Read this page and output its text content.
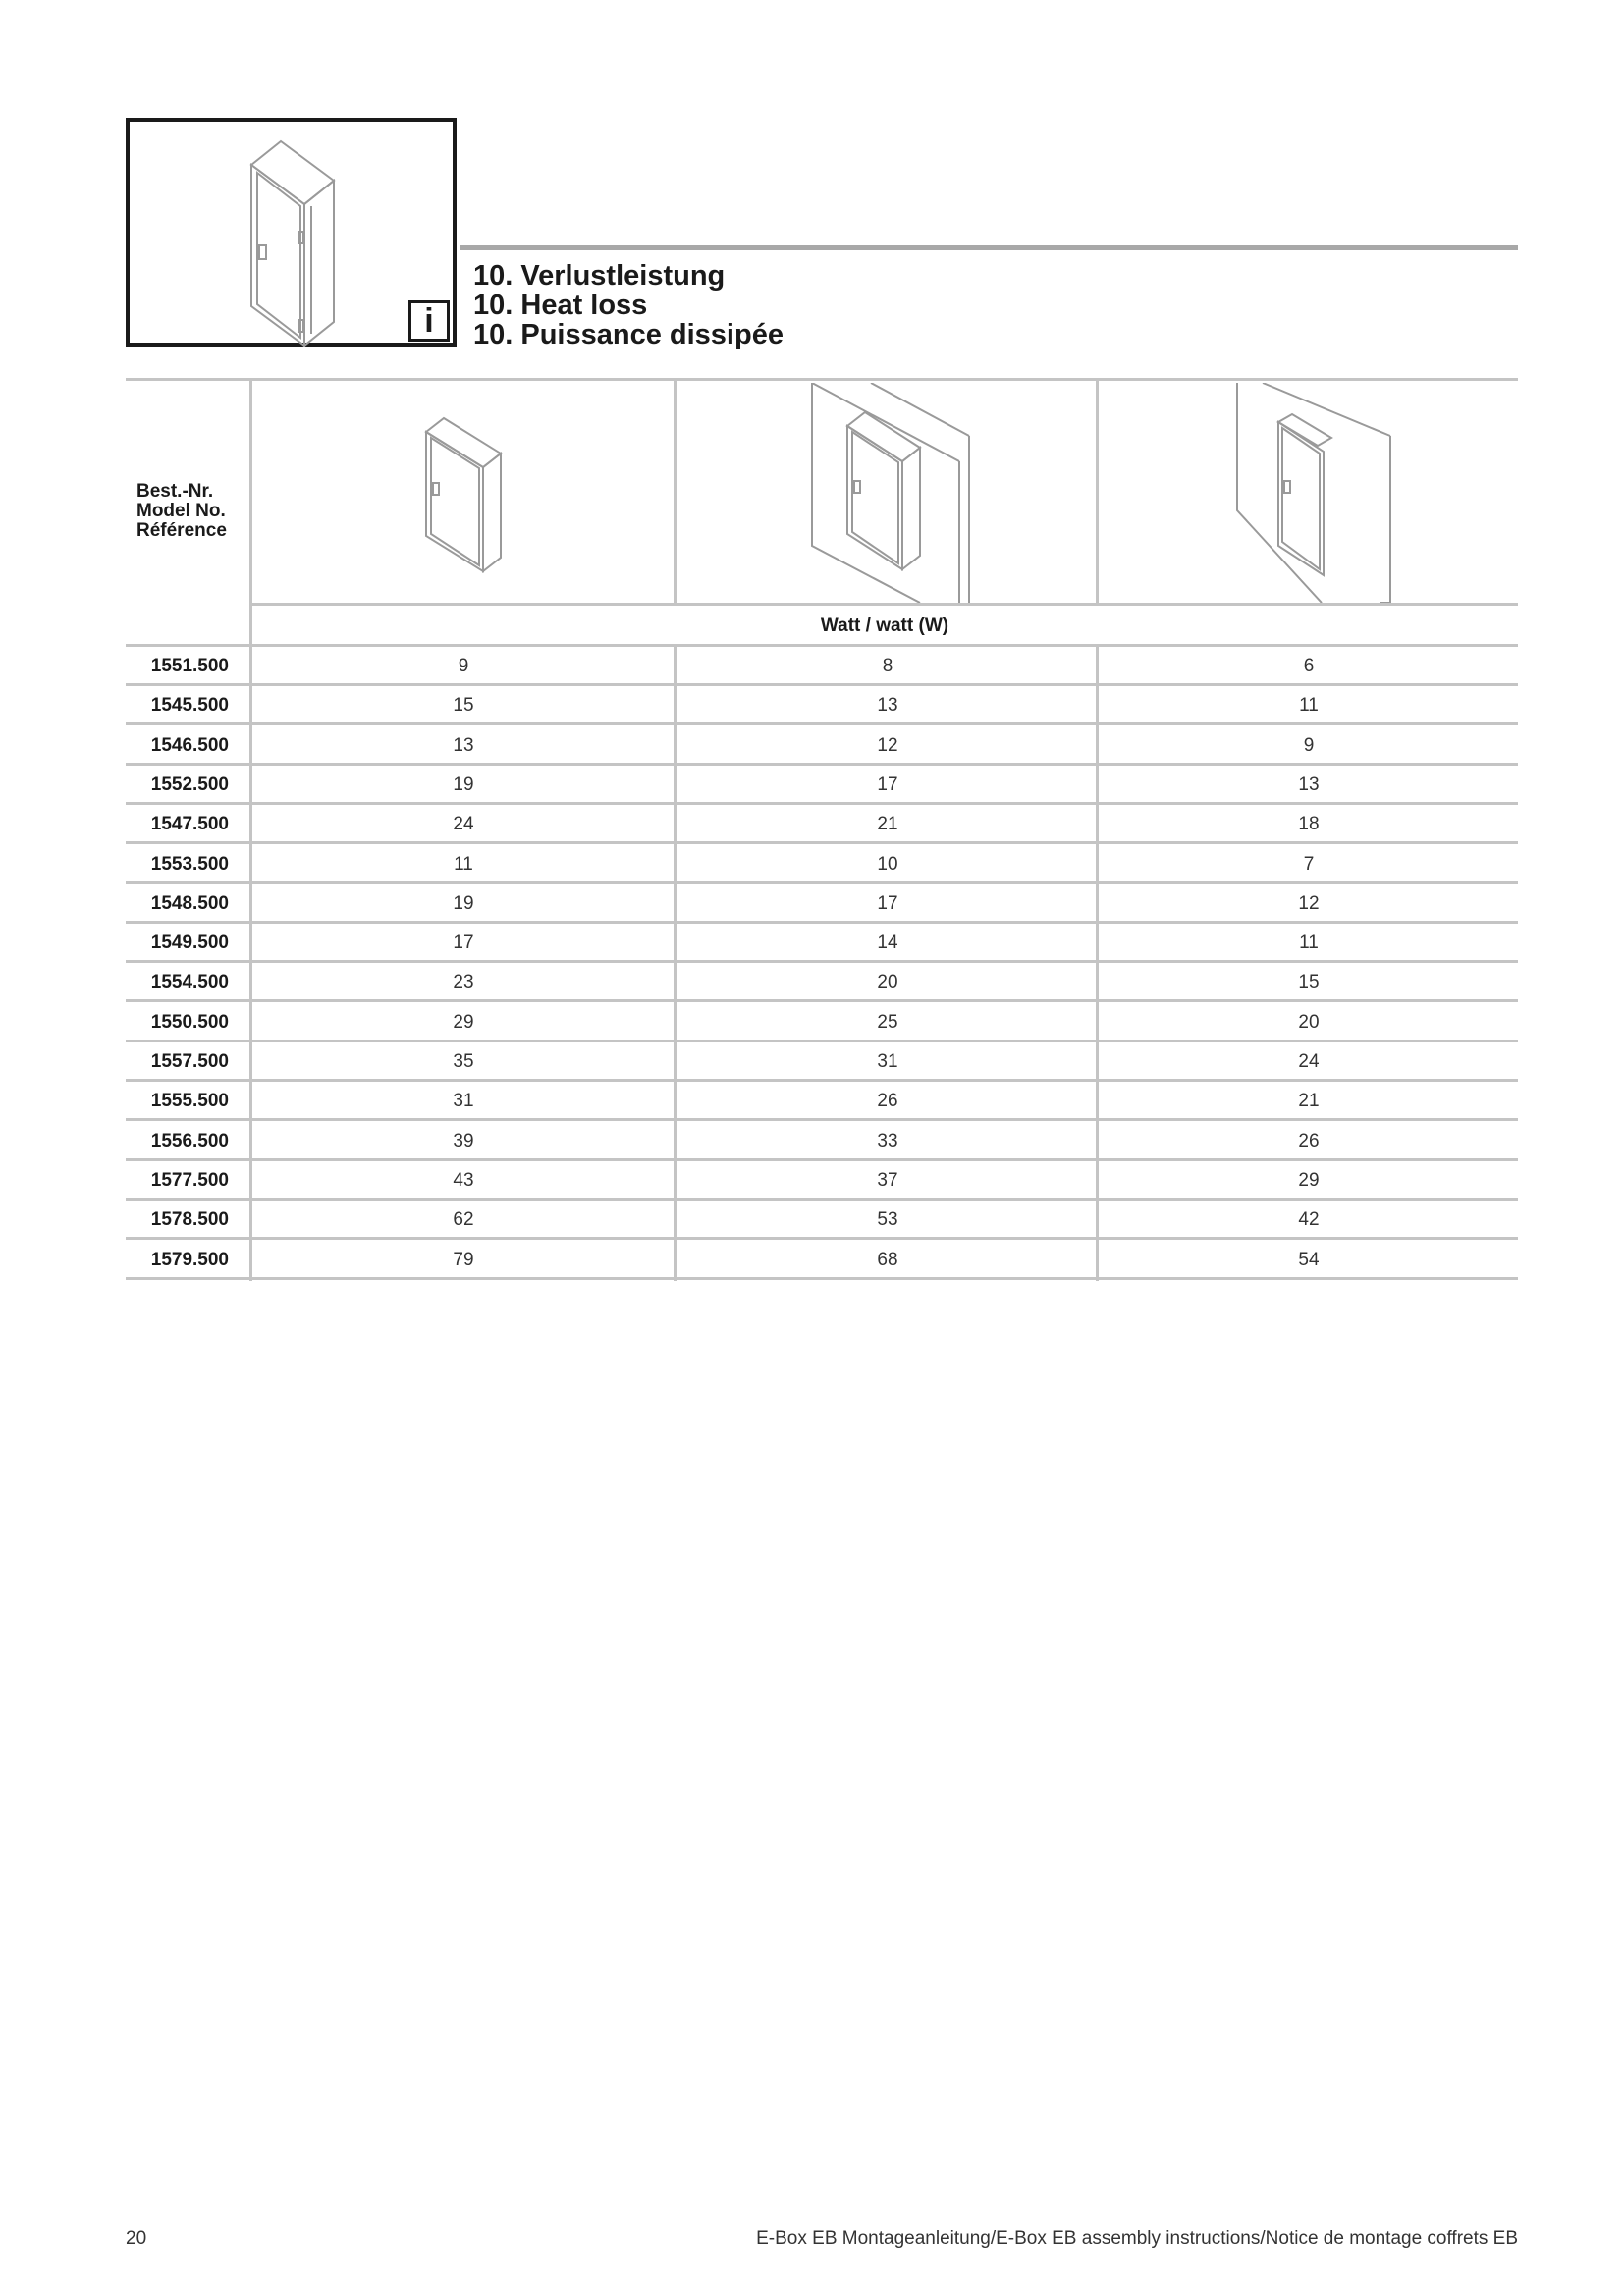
i
10. Verlustleistung
10. Heat loss
10. Puissance dissipée
Best.-Nr.
Model No.
Référence
Watt / watt (W)
1551.500	9	8	6
1545.500	15	13	11
1546.500	13	12	9
1552.500	19	17	13
1547.500	24	21	18
1553.500	11	10	7
1548.500	19	17	12
1549.500	17	14	11
1554.500	23	20	15
1550.500	29	25	20
1557.500	35	31	24
1555.500	31	26	21
1556.500	39	33	26
1577.500	43	37	29
1578.500	62	53	42
1579.500	79	68	54
20	E-Box EB Montageanleitung/E-Box EB assembly instructions/Notice de montage coffrets EB
